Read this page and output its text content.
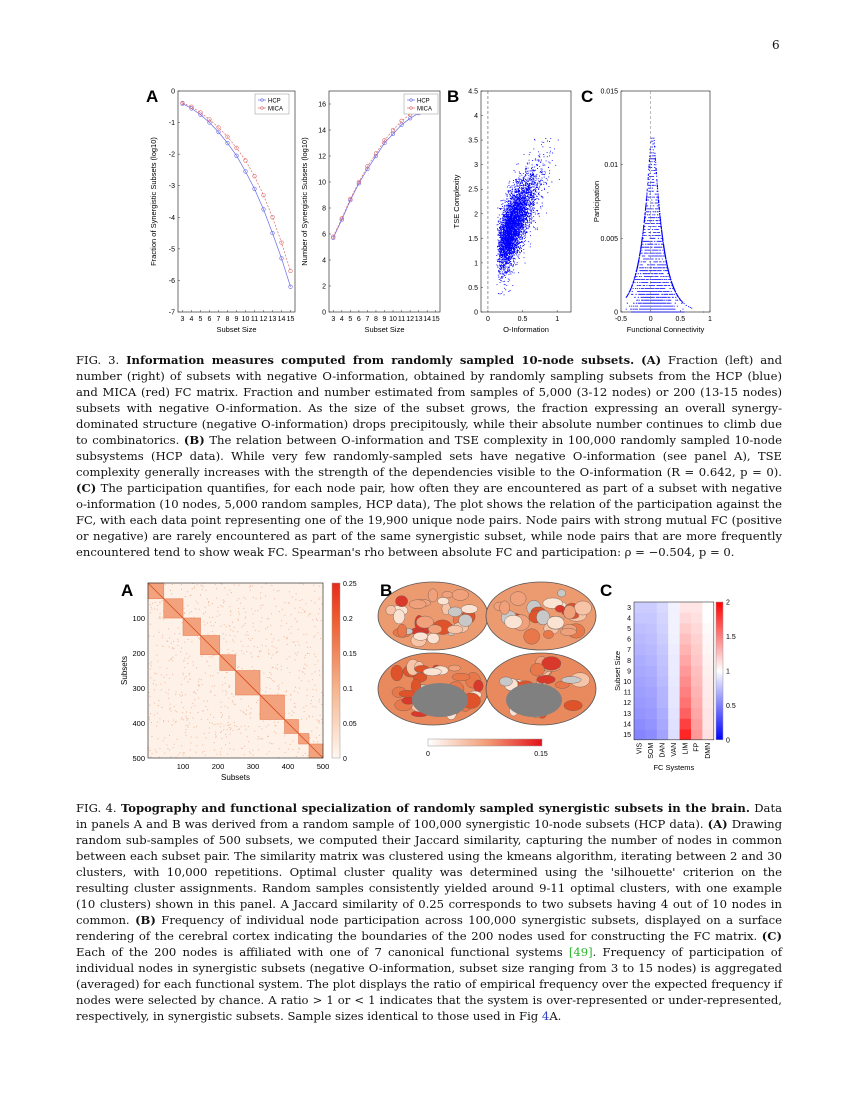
6
A	B	C
3 4 5 6 7 8 9 10 11 12 13 14 15
0
-1
-2
-3
-4
-5
-6
-7
Subset Size
Fraction of Synergistic Subsets (log10)
HCP
MICA
3 4 5 6 7 8 9 10 11 12 13 14 15
0
2
4
6
8
10
12
14
16
Subset Size
Number of Synergistic Subsets (log10)
HCP
MICA
0	0.5	1
0
0.5
1
1.5
2
2.5
3
3.5
4
4.5
O-Information
TSE Complexity
-0.5	0	0.5	1
0
0.005
0.01
0.015
Functional Connectivity
Participation

FIG. 3. Information measures computed from randomly sampled 10-node subsets. (A) Fraction (left) and number (right) of subsets with negative O-information, obtained by randomly sampling subsets from the HCP (blue) and MICA (red) FC matrix. Fraction and number estimated from samples of 5,000 (3-12 nodes) or 200 (13-15 nodes) subsets with negative O-information. As the size of the subset grows, the fraction expressing an overall synergy-dominated structure (negative O-information) drops precipitously, while their absolute number continues to climb due to combinatorics. (B) The relation between O-information and TSE complexity in 100,000 randomly sampled 10-node subsystems (HCP data). While very few randomly-sampled sets have negative O-information (see panel A), TSE complexity generally increases with the strength of the dependencies visible to the O-information (R = 0.642, p = 0). (C) The participation quantifies, for each node pair, how often they are encountered as part of a subset with negative o-information (10 nodes, 5,000 random samples, HCP data), The plot shows the relation of the participation against the FC, with each data point representing one of the 19,900 unique node pairs. Node pairs with strong mutual FC (positive or negative) are rarely encountered as part of the same synergistic subset, while node pairs that are more frequently encountered tend to show weak FC. Spearman's rho between absolute FC and participation: ρ = −0.504, p = 0.

A	B	C
100	200	300	400	500
100
200
300
400
500
Subsets
Subsets
0
0.05
0.1
0.15
0.2
0.25
0	0.15
3
4
5
6
7
8
9
10
11
12
13
14
15
VIS SOM DAN VAN LIM FP DMN
FC Systems
Subset Size
0
0.5
1
1.5
2

FIG. 4. Topography and functional specialization of randomly sampled synergistic subsets in the brain. Data in panels A and B was derived from a random sample of 100,000 synergistic 10-node subsets (HCP data). (A) Drawing random sub-samples of 500 subsets, we computed their Jaccard similarity, capturing the number of nodes in common between each subset pair. The similarity matrix was clustered using the kmeans algorithm, iterating between 2 and 30 clusters, with 10,000 repetitions. Optimal cluster quality was determined using the 'silhouette' criterion on the resulting cluster assignments. Random samples consistently yielded around 9-11 optimal clusters, with one example (10 clusters) shown in this panel. A Jaccard similarity of 0.25 corresponds to two subsets having 4 out of 10 nodes in common. (B) Frequency of individual node participation across 100,000 synergistic subsets, displayed on a surface rendering of the cerebral cortex indicating the boundaries of the 200 nodes used for constructing the FC matrix. (C) Each of the 200 nodes is affiliated with one of 7 canonical functional systems [49]. Frequency of participation of individual nodes in synergistic subsets (negative O-information, subset size ranging from 3 to 15 nodes) is aggregated (averaged) for each functional system. The plot displays the ratio of empirical frequency over the expected frequency if nodes were selected by chance. A ratio > 1 or < 1 indicates that the system is over-represented or under-represented, respectively, in synergistic subsets. Sample sizes identical to those used in Fig 4A.
